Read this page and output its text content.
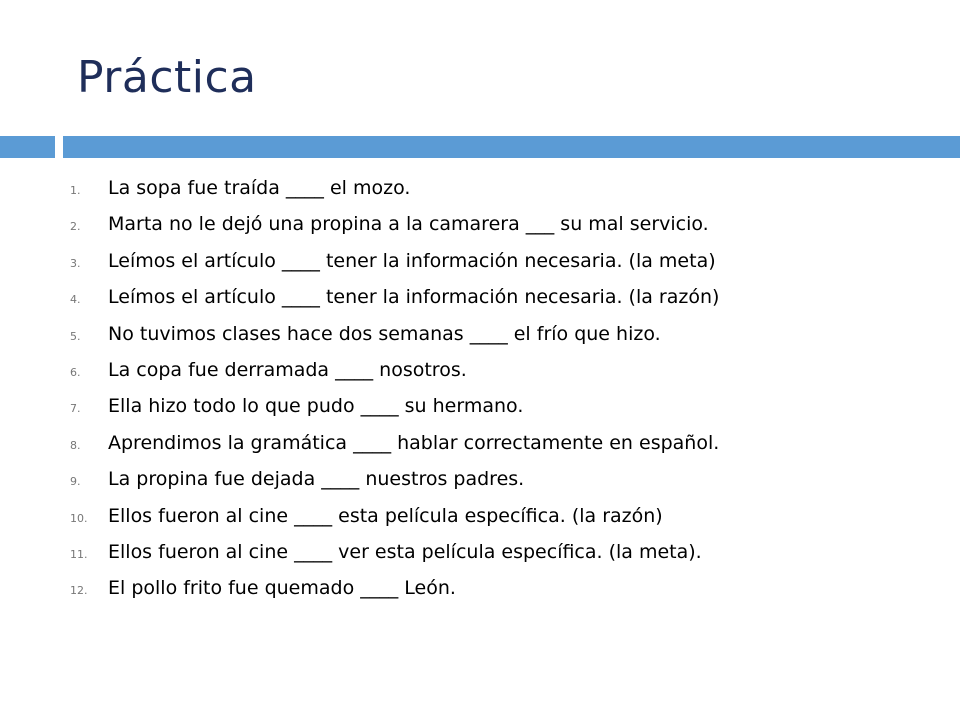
Práctica
1.	La sopa fue traída ____ el mozo.
2.	Marta no le dejó una propina a la camarera ___ su mal servicio.
3.	Leímos el artículo ____ tener la información necesaria. (la meta)
4.	Leímos el artículo ____ tener la información necesaria. (la razón)
5.	No tuvimos clases hace dos semanas ____ el frío que hizo.
6.	La copa fue derramada ____ nosotros.
7.	Ella hizo todo lo que pudo ____ su hermano.
8.	Aprendimos la gramática ____ hablar correctamente en español.
9.	La propina fue dejada ____ nuestros padres.
10.	Ellos fueron al cine ____ esta película específica. (la razón)
11.	Ellos fueron al cine ____ ver esta película específica. (la meta).
12.	El pollo frito fue quemado ____ León.
